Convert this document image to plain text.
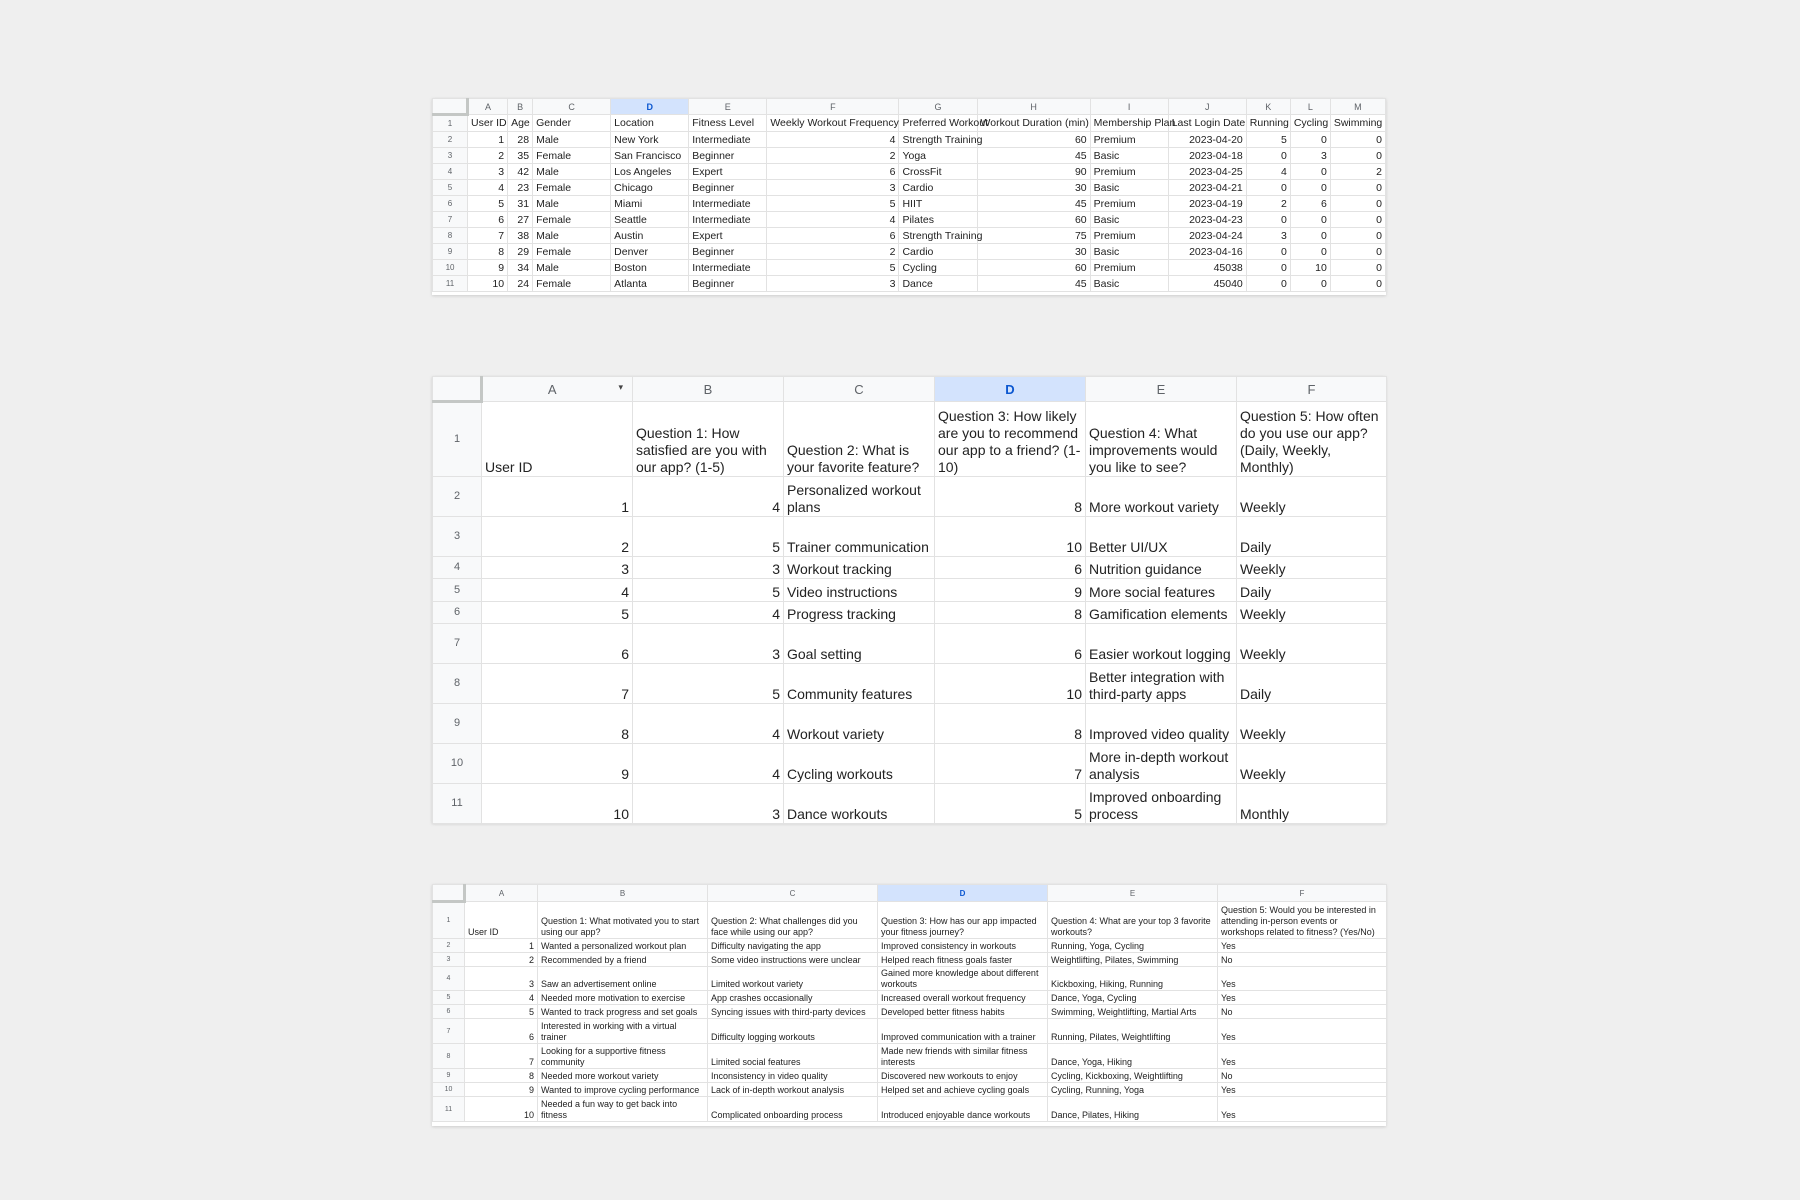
	A	B	C	D	E	F	G	H	I	J	K	L	M
1	User ID	Age	Gender	Location	Fitness Level	Weekly Workout Frequency	Preferred Workout	Workout Duration (min)	Membership Plan	Last Login Date	Running	Cycling	Swimming
2	1	28	Male	New York	Intermediate	4	Strength Training	60	Premium	2023-04-20	5	0	0
3	2	35	Female	San Francisco	Beginner	2	Yoga	45	Basic	2023-04-18	0	3	0
4	3	42	Male	Los Angeles	Expert	6	CrossFit	90	Premium	2023-04-25	4	0	2
5	4	23	Female	Chicago	Beginner	3	Cardio	30	Basic	2023-04-21	0	0	0
6	5	31	Male	Miami	Intermediate	5	HIIT	45	Premium	2023-04-19	2	6	0
7	6	27	Female	Seattle	Intermediate	4	Pilates	60	Basic	2023-04-23	0	0	0
8	7	38	Male	Austin	Expert	6	Strength Training	75	Premium	2023-04-24	3	0	0
9	8	29	Female	Denver	Beginner	2	Cardio	30	Basic	2023-04-16	0	0	0
10	9	34	Male	Boston	Intermediate	5	Cycling	60	Premium	45038	0	10	0
11	10	24	Female	Atlanta	Beginner	3	Dance	45	Basic	45040	0	0	0
	A ▾	B	C	D	E	F
1	User ID	Question 1: How satisfied are you with our app? (1-5)	Question 2: What is your favorite feature?	Question 3: How likely are you to recommend our app to a friend? (1-10)	Question 4: What improvements would you like to see?	Question 5: How often do you use our app? (Daily, Weekly, Monthly)
2	1	4	Personalized workout plans	8	More workout variety	Weekly
3	2	5	Trainer communication	10	Better UI/UX	Daily
4	3	3	Workout tracking	6	Nutrition guidance	Weekly
5	4	5	Video instructions	9	More social features	Daily
6	5	4	Progress tracking	8	Gamification elements	Weekly
7	6	3	Goal setting	6	Easier workout logging	Weekly
8	7	5	Community features	10	Better integration with third-party apps	Daily
9	8	4	Workout variety	8	Improved video quality	Weekly
10	9	4	Cycling workouts	7	More in-depth workout analysis	Weekly
11	10	3	Dance workouts	5	Improved onboarding process	Monthly
	A	B	C	D	E	F
1	User ID	Question 1: What motivated you to start using our app?	Question 2: What challenges did you face while using our app?	Question 3: How has our app impacted your fitness journey?	Question 4: What are your top 3 favorite workouts?	Question 5: Would you be interested in attending in-person events or workshops related to fitness? (Yes/No)
2	1	Wanted a personalized workout plan	Difficulty navigating the app	Improved consistency in workouts	Running, Yoga, Cycling	Yes
3	2	Recommended by a friend	Some video instructions were unclear	Helped reach fitness goals faster	Weightlifting, Pilates, Swimming	No
4	3	Saw an advertisement online	Limited workout variety	Gained more knowledge about different workouts	Kickboxing, Hiking, Running	Yes
5	4	Needed more motivation to exercise	App crashes occasionally	Increased overall workout frequency	Dance, Yoga, Cycling	Yes
6	5	Wanted to track progress and set goals	Syncing issues with third-party devices	Developed better fitness habits	Swimming, Weightlifting, Martial Arts	No
7	6	Interested in working with a virtual trainer	Difficulty logging workouts	Improved communication with a trainer	Running, Pilates, Weightlifting	Yes
8	7	Looking for a supportive fitness community	Limited social features	Made new friends with similar fitness interests	Dance, Yoga, Hiking	Yes
9	8	Needed more workout variety	Inconsistency in video quality	Discovered new workouts to enjoy	Cycling, Kickboxing, Weightlifting	No
10	9	Wanted to improve cycling performance	Lack of in-depth workout analysis	Helped set and achieve cycling goals	Cycling, Running, Yoga	Yes
11	10	Needed a fun way to get back into fitness	Complicated onboarding process	Introduced enjoyable dance workouts	Dance, Pilates, Hiking	Yes
